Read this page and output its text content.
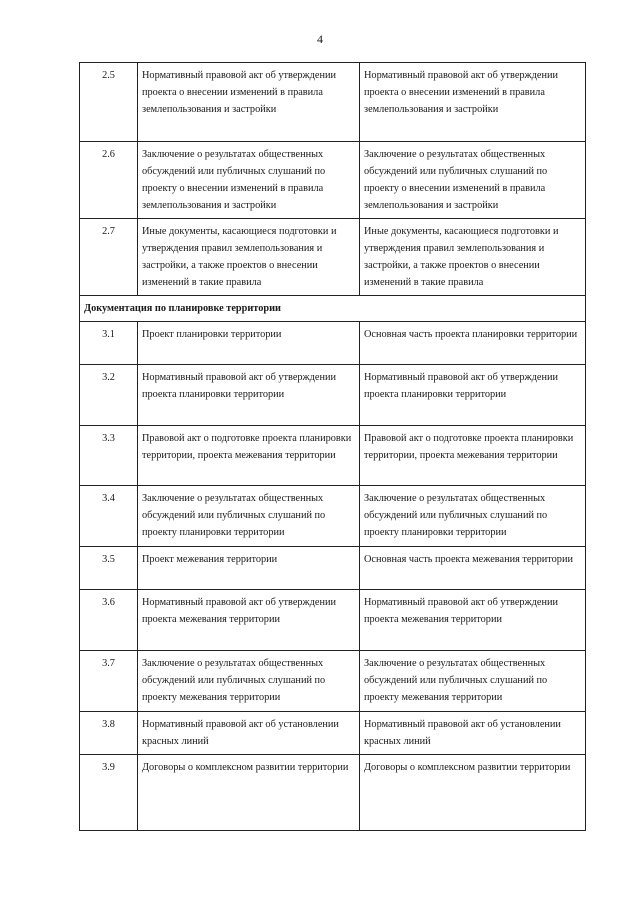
4
2.5	Нормативный правовой акт об утверждении проекта о внесении изменений в правила землепользования и застройки	Нормативный правовой акт об утверждении проекта о внесении изменений в правила землепользования и застройки
2.6	Заключение о результатах общественных обсуждений или публичных слушаний по проекту о внесении изменений в правила землепользования и застройки	Заключение о результатах общественных обсуждений или публичных слушаний по проекту о внесении изменений в правила землепользования и застройки
2.7	Иные документы, касающиеся подготовки и утверждения правил землепользования и застройки, а также проектов о внесении изменений в такие правила	Иные документы, касающиеся подготовки и утверждения правил землепользования и застройки, а также проектов о внесении изменений в такие правила
Документация по планировке территории		
3.1	Проект планировки территории	Основная часть проекта планировки территории
3.2	Нормативный правовой акт об утверждении проекта планировки территории	Нормативный правовой акт об утверждении проекта планировки территории
3.3	Правовой акт о подготовке проекта планировки территории, проекта межевания территории	Правовой акт о подготовке проекта планировки территории, проекта межевания территории
3.4	Заключение о результатах общественных обсуждений или публичных слушаний по проекту планировки территории	Заключение о результатах общественных обсуждений или публичных слушаний по проекту планировки территории
3.5	Проект межевания территории	Основная часть проекта межевания территории
3.6	Нормативный правовой акт об утверждении проекта межевания территории	Нормативный правовой акт об утверждении проекта межевания территории
3.7	Заключение о результатах общественных обсуждений или публичных слушаний по проекту межевания территории	Заключение о результатах общественных обсуждений или публичных слушаний по проекту межевания территории
3.8	Нормативный правовой акт об установлении красных линий	Нормативный правовой акт об установлении красных линий
3.9	Договоры о комплексном развитии территории	Договоры о комплексном развитии территории
